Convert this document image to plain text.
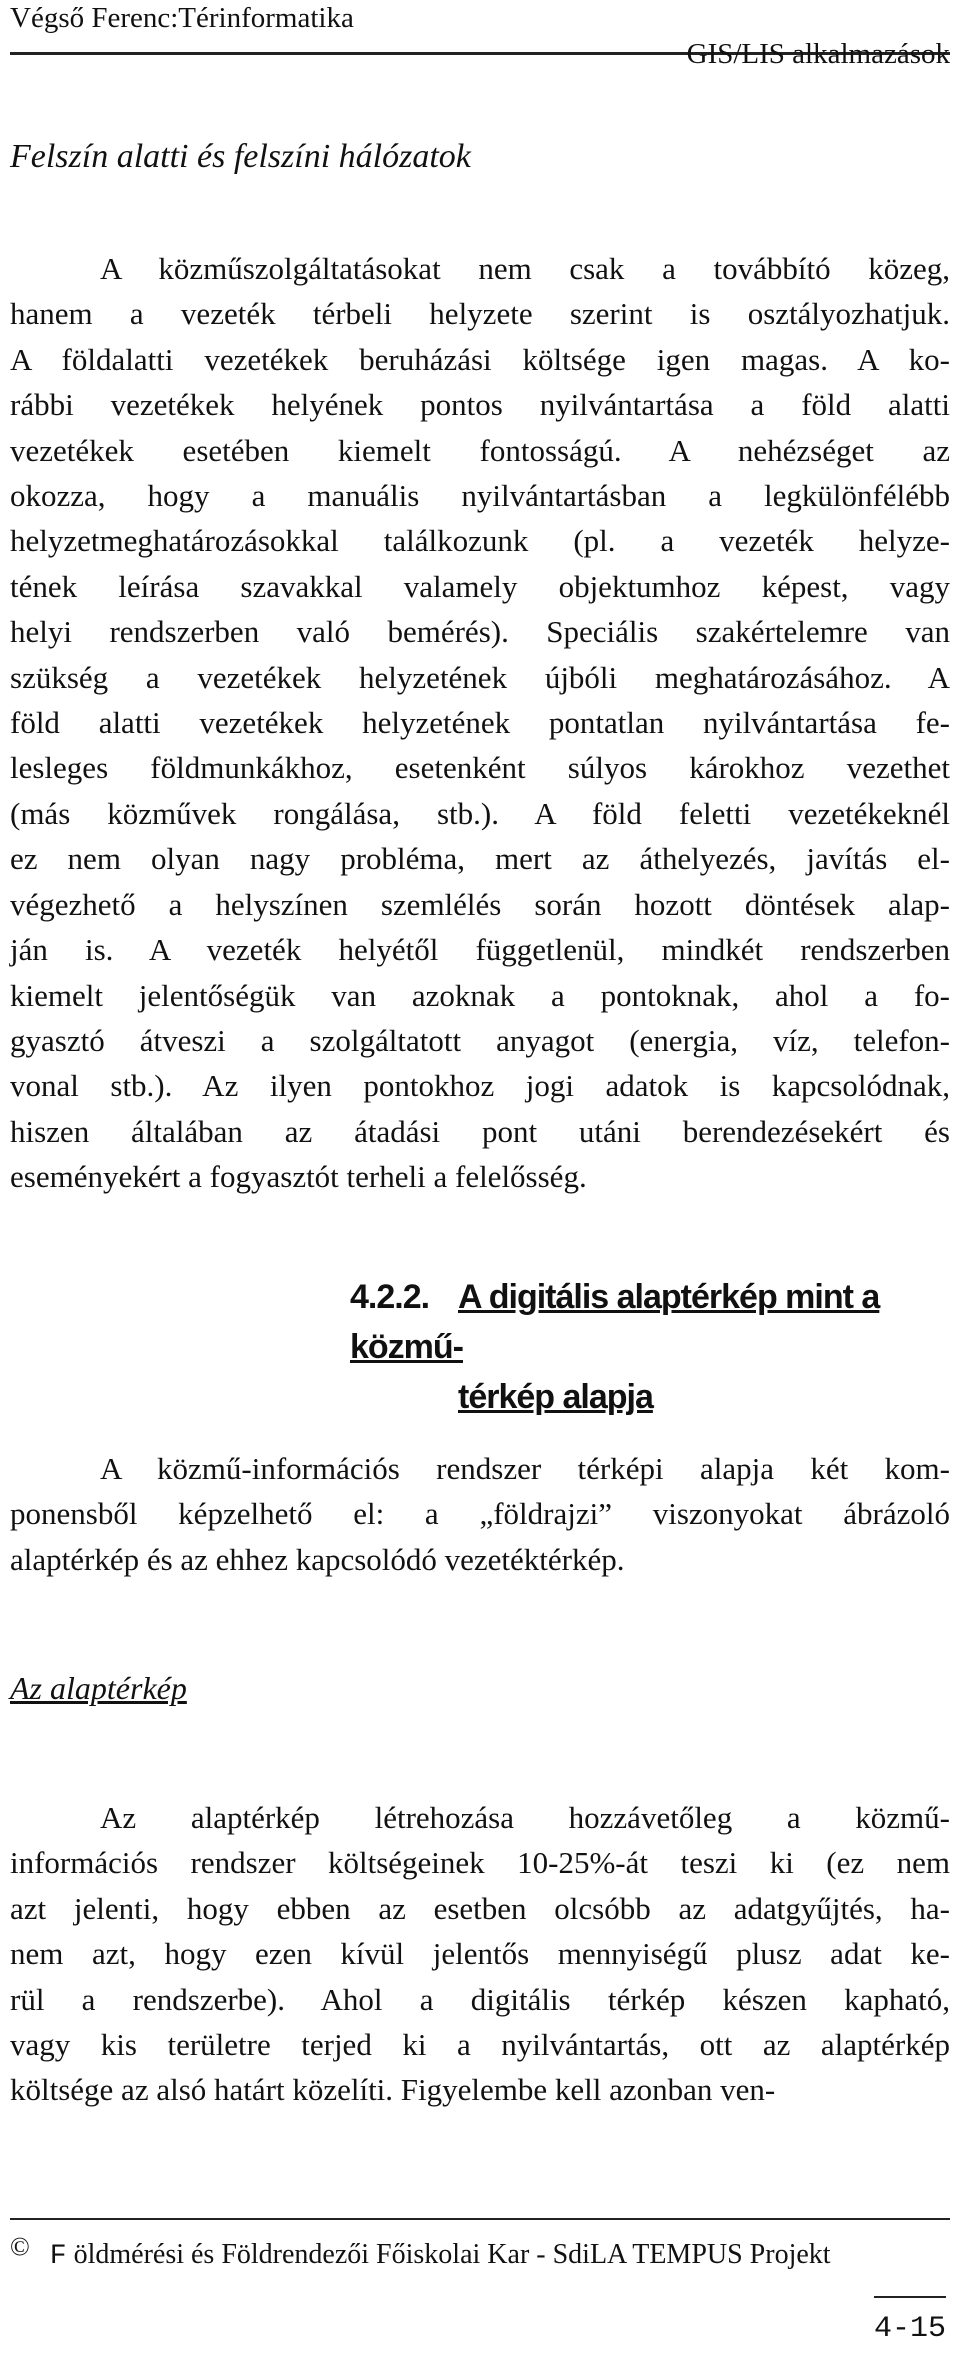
Végső Ferenc:Térinformatika
GIS/LIS alkalmazások
Felszín alatti és felszíni hálózatok
A közműszolgáltatásokat nem csak a továbbító közeg,
hanem a vezeték térbeli helyzete szerint is osztályozhatjuk.
A földalatti vezetékek beruházási költsége igen magas. A ko-
rábbi vezetékek helyének pontos nyilvántartása a föld alatti
vezetékek esetében kiemelt fontosságú. A nehézséget az
okozza, hogy a manuális nyilvántartásban a legkülönfélébb
helyzetmeghatározásokkal találkozunk (pl. a vezeték helyze-
tének leírása szavakkal valamely objektumhoz képest, vagy
helyi rendszerben való bemérés). Speciális szakértelemre van
szükség a vezetékek helyzetének újbóli meghatározásához. A
föld alatti vezetékek helyzetének pontatlan nyilvántartása fe-
lesleges földmunkákhoz, esetenként súlyos károkhoz vezethet
(más közművek rongálása, stb.). A föld feletti vezetékeknél
ez nem olyan nagy probléma, mert az áthelyezés, javítás el-
végezhető a helyszínen szemlélés során hozott döntések alap-
ján is. A vezeték helyétől függetlenül, mindkét rendszerben
kiemelt jelentőségük van azoknak a pontoknak, ahol a fo-
gyasztó átveszi a szolgáltatott anyagot (energia, víz, telefon-
vonal stb.). Az ilyen pontokhoz jogi adatok is kapcsolódnak,
hiszen általában az átadási pont utáni berendezésekért és
eseményekért a fogyasztót terheli a felelősség.
4.2.2. A digitális alaptérkép mint a közmű-
térkép alapja
A közmű-információs rendszer térképi alapja két kom-
ponensből képzelhető el: a „földrajzi” viszonyokat ábrázoló
alaptérkép és az ehhez kapcsolódó vezetéktérkép.
Az alaptérkép
Az alaptérkép létrehozása hozzávetőleg a közmű-
információs rendszer költségeinek 10-25%-át teszi ki (ez nem
azt jelenti, hogy ebben az esetben olcsóbb az adatgyűjtés, ha-
nem azt, hogy ezen kívül jelentős mennyiségű plusz adat ke-
rül a rendszerbe). Ahol a digitális térkép készen kapható,
vagy kis területre terjed ki a nyilvántartás, ott az alaptérkép
költsége az alsó határt közelíti. Figyelembe kell azonban ven-
© F öldmérési és Földrendezői Főiskolai Kar - SdiLA TEMPUS Projekt
4-15
